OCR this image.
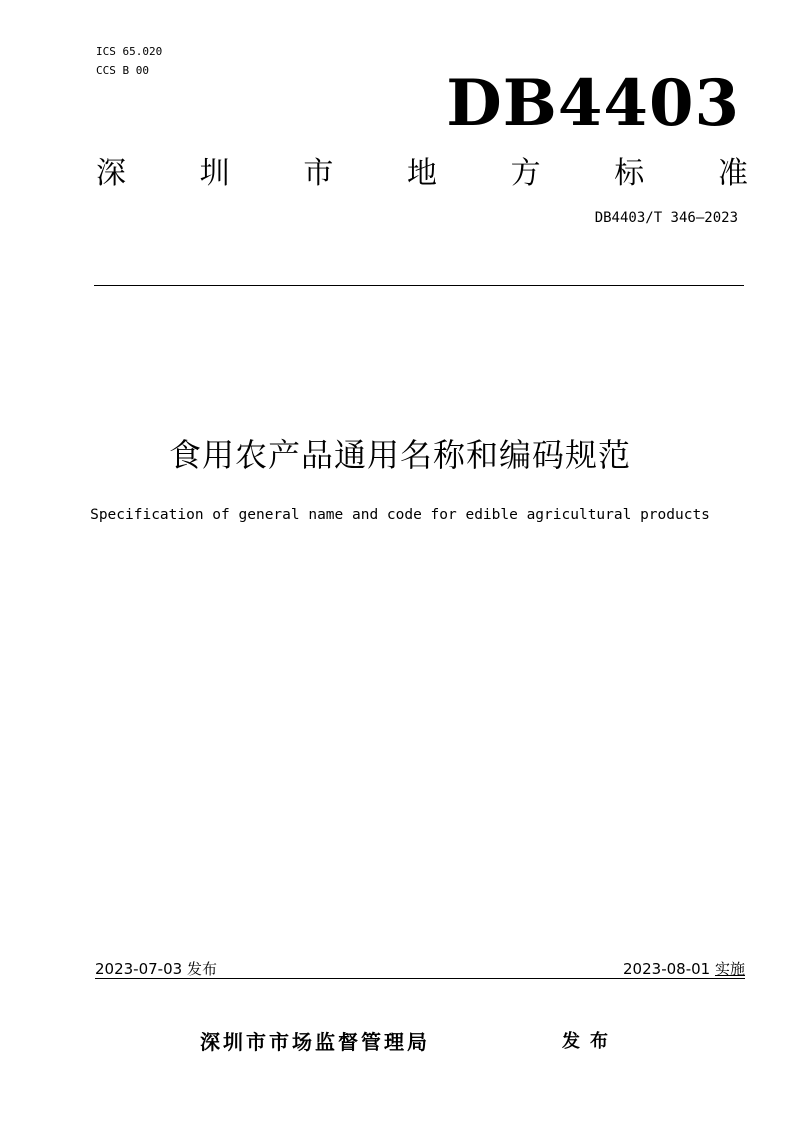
ICS 65.020
CCS B 00	DB4403
深 圳 市 地 方 标 准
DB4403/T 346—2023
食用农产品通用名称和编码规范
Specification of general name and code for edible agricultural products
2023-07-03 发布	2023-08-01 实施
深圳市市场监督管理局	发布
